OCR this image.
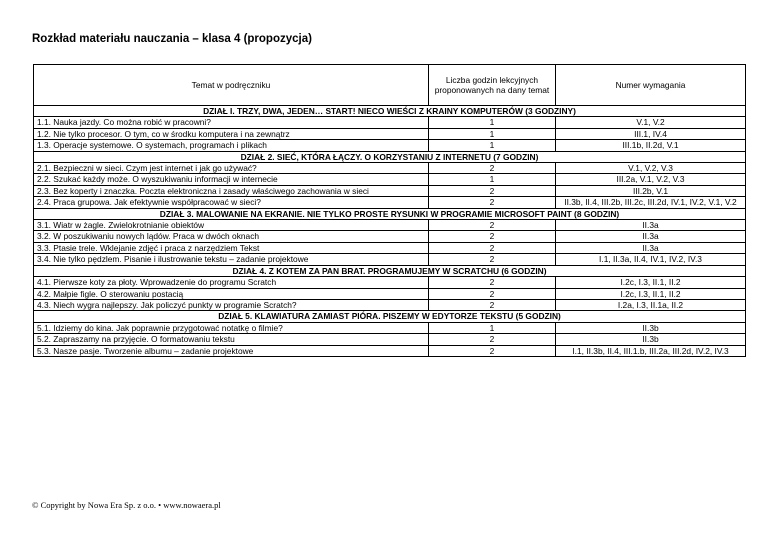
Rozkład materiału nauczania – klasa 4 (propozycja)
Temat w podręczniku	Liczba godzin lekcyjnych proponowanych na dany temat	Numer wymagania
DZIAŁ I. TRZY, DWA, JEDEN… START! NIECO WIEŚCI Z KRAINY KOMPUTERÓW (3 GODZINY)		
1.1. Nauka jazdy. Co można robić w pracowni?	1	V.1, V.2
1.2. Nie tylko procesor. O tym, co w środku komputera i na zewnątrz	1	III.1, IV.4
1.3. Operacje systemowe. O systemach, programach i plikach	1	III.1b, II.2d, V.1
DZIAŁ 2. SIEĆ, KTÓRA ŁĄCZY. O KORZYSTANIU Z INTERNETU (7 GODZIN)		
2.1. Bezpieczni w sieci. Czym jest internet i jak go używać?	2	V.1, V.2, V.3
2.2. Szukać każdy może. O wyszukiwaniu informacji w internecie	1	III.2a, V.1, V.2, V.3
2.3. Bez koperty i znaczka. Poczta elektroniczna i zasady właściwego zachowania w sieci	2	III.2b, V.1
2.4. Praca grupowa. Jak efektywnie współpracować w sieci?	2	II.3b, II.4, III.2b, III.2c, III.2d, IV.1, IV.2, V.1, V.2
DZIAŁ 3. MALOWANIE NA EKRANIE. NIE TYLKO PROSTE RYSUNKI W PROGRAMIE MICROSOFT PAINT (8 GODZIN)		
3.1. Wiatr w żagle. Zwielokrotnianie obiektów	2	II.3a
3.2. W poszukiwaniu nowych lądów. Praca w dwóch oknach	2	II.3a
3.3. Ptasie trele. Wklejanie zdjęć i praca z narzędziem Tekst	2	II.3a
3.4. Nie tylko pędzlem. Pisanie i ilustrowanie tekstu – zadanie projektowe	2	I.1, II.3a, II.4, IV.1, IV.2, IV.3
DZIAŁ 4. Z KOTEM ZA PAN BRAT. PROGRAMUJEMY W SCRATCHU (6 GODZIN)		
4.1. Pierwsze koty za płoty. Wprowadzenie do programu Scratch	2	I.2c, I.3, II.1, II.2
4.2. Małpie figle. O sterowaniu postacią	2	I.2c, I.3, II.1, II.2
4.3. Niech wygra najlepszy. Jak policzyć punkty w programie Scratch?	2	I.2a, I.3, II.1a, II.2
DZIAŁ 5. KLAWIATURA ZAMIAST PIÓRA. PISZEMY W EDYTORZE TEKSTU (5 GODZIN)		
5.1. Idziemy do kina. Jak poprawnie przygotować notatkę o filmie?	1	II.3b
5.2. Zapraszamy na przyjęcie. O formatowaniu tekstu	2	II.3b
5.3. Nasze pasje. Tworzenie albumu – zadanie projektowe	2	I.1, II.3b, II.4, III.1.b, III.2a, III.2d, IV.2, IV.3
© Copyright by Nowa Era Sp. z o.o. • www.nowaera.pl
